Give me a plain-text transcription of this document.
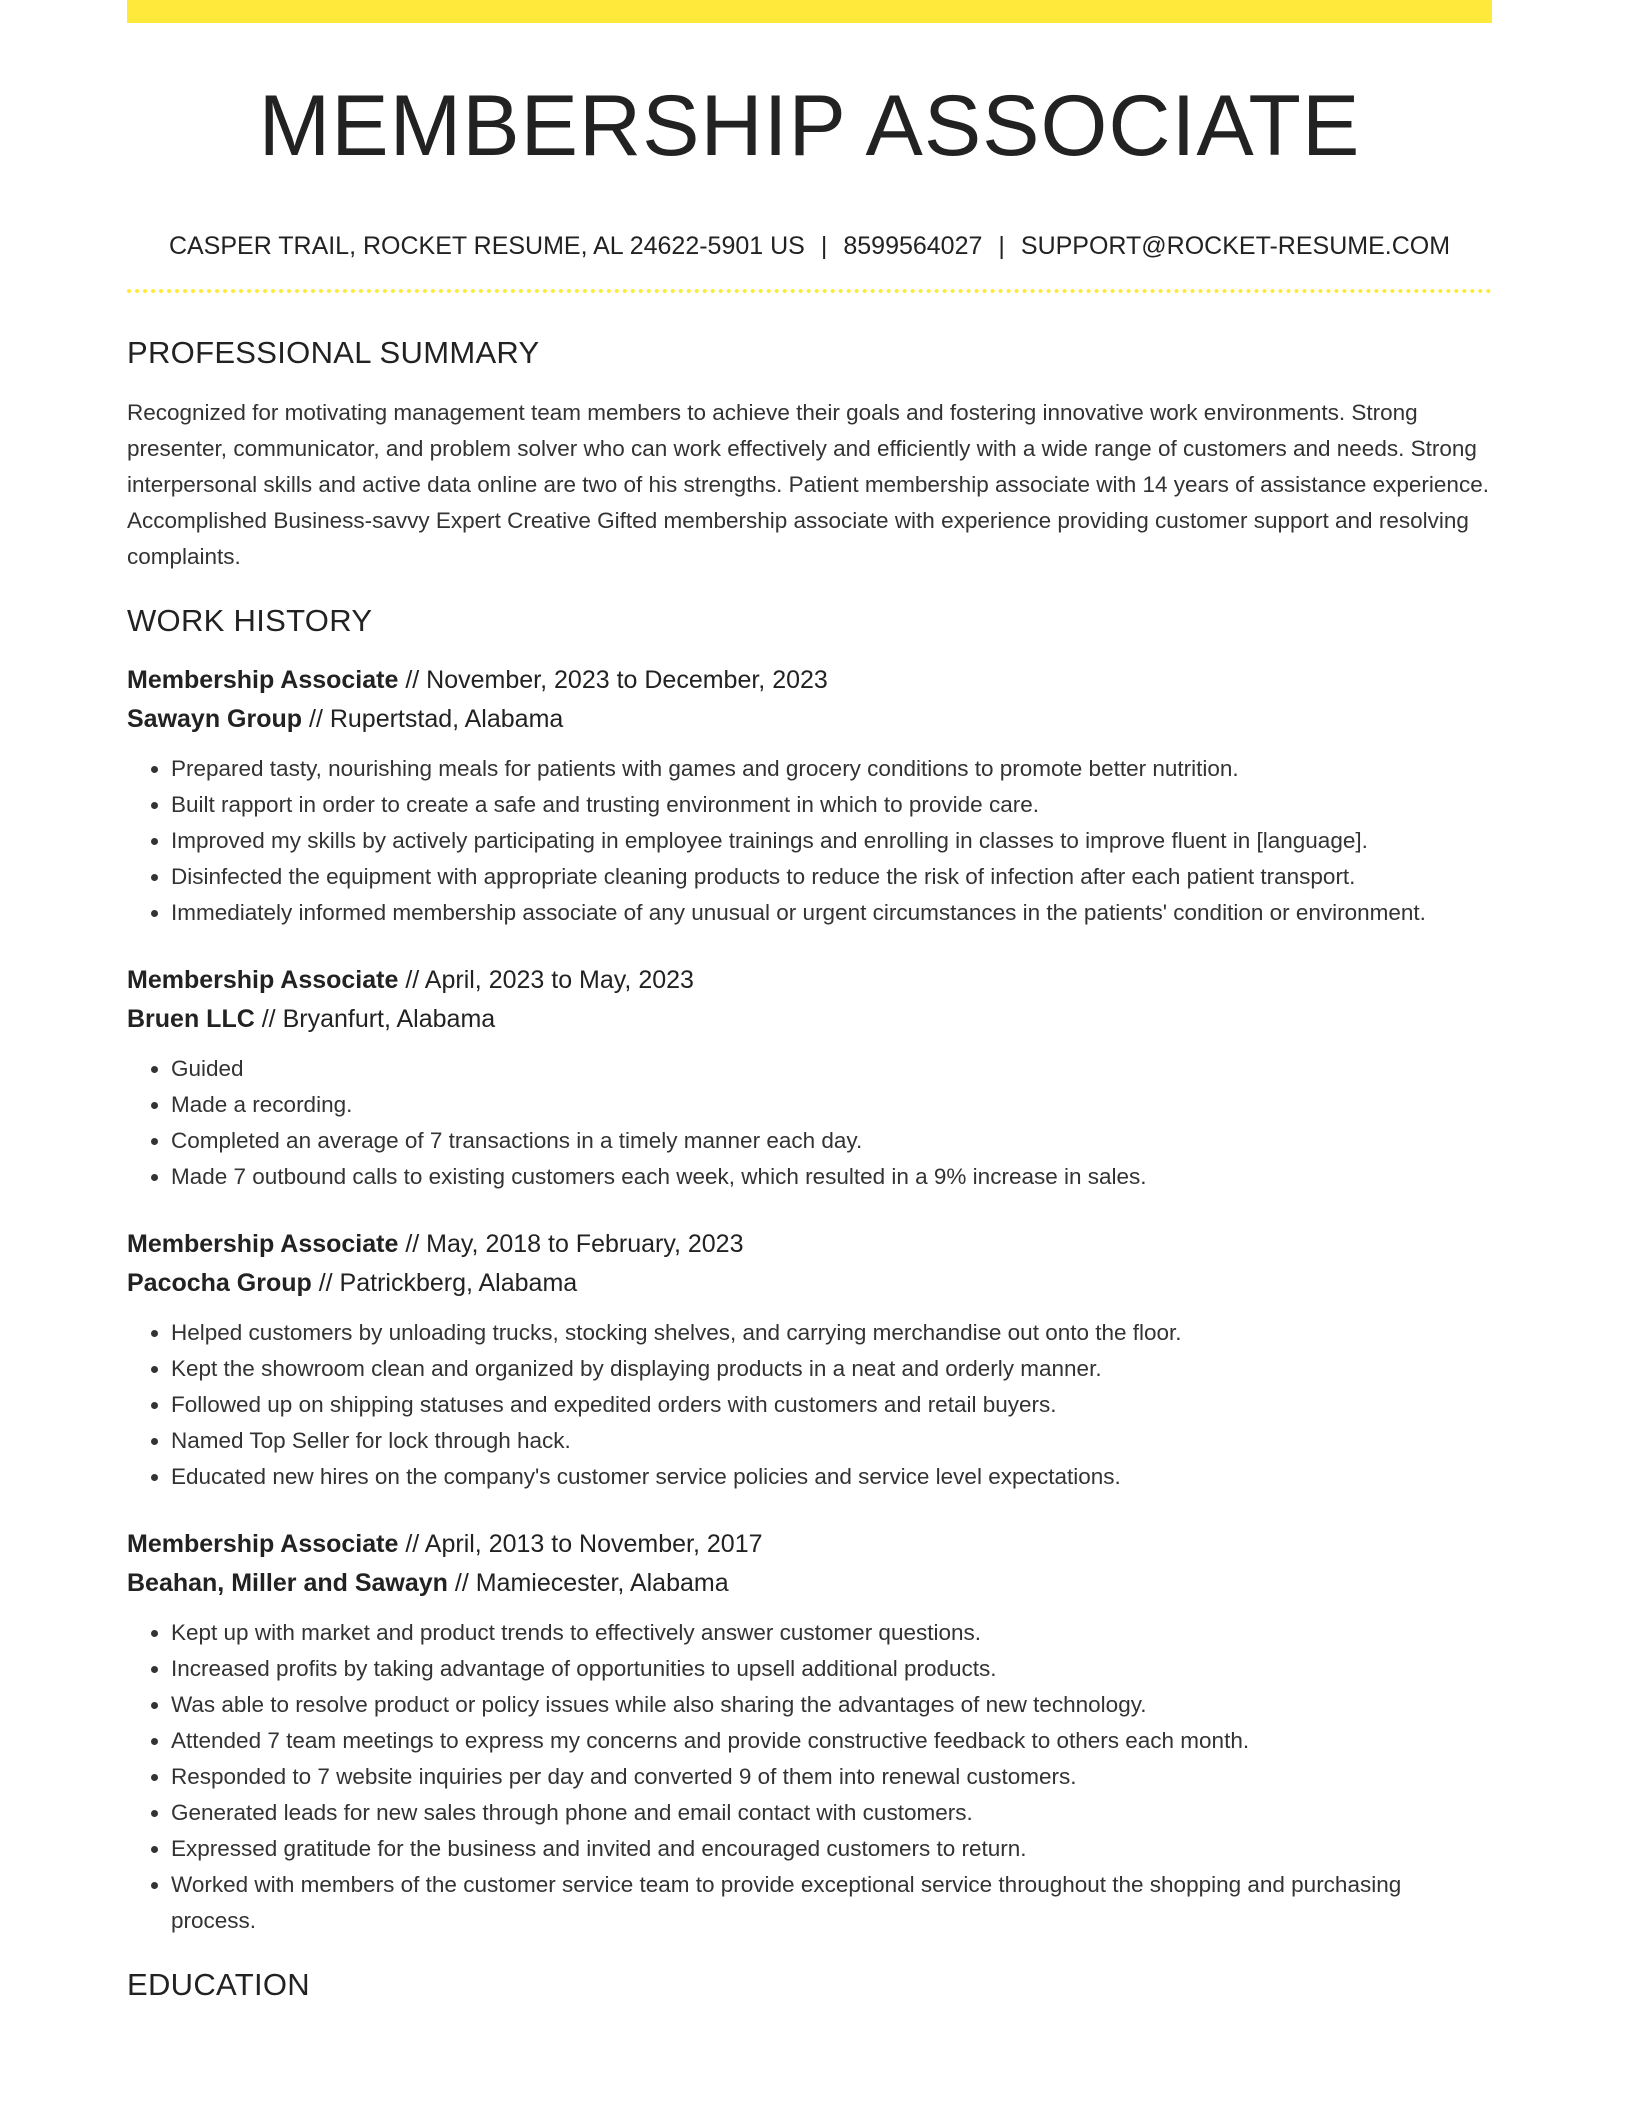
MEMBERSHIP ASSOCIATE
CASPER TRAIL, ROCKET RESUME, AL 24622-5901 US | 8599564027 | SUPPORT@ROCKET-RESUME.COM
PROFESSIONAL SUMMARY

Recognized for motivating management team members to achieve their goals and fostering innovative work environments. Strong presenter, communicator, and problem solver who can work effectively and efficiently with a wide range of customers and needs. Strong interpersonal skills and active data online are two of his strengths. Patient membership associate with 14 years of assistance experience. Accomplished Business-savvy Expert Creative Gifted membership associate with experience providing customer support and resolving complaints.

WORK HISTORY
Membership Associate // November, 2023 to December, 2023
Sawayn Group // Rupertstad, Alabama
• Prepared tasty, nourishing meals for patients with games and grocery conditions to promote better nutrition.
• Built rapport in order to create a safe and trusting environment in which to provide care.
• Improved my skills by actively participating in employee trainings and enrolling in classes to improve fluent in [language].
• Disinfected the equipment with appropriate cleaning products to reduce the risk of infection after each patient transport.
• Immediately informed membership associate of any unusual or urgent circumstances in the patients' condition or environment.
Membership Associate // April, 2023 to May, 2023
Bruen LLC // Bryanfurt, Alabama
• Guided
• Made a recording.
• Completed an average of 7 transactions in a timely manner each day.
• Made 7 outbound calls to existing customers each week, which resulted in a 9% increase in sales.
Membership Associate // May, 2018 to February, 2023
Pacocha Group // Patrickberg, Alabama
• Helped customers by unloading trucks, stocking shelves, and carrying merchandise out onto the floor.
• Kept the showroom clean and organized by displaying products in a neat and orderly manner.
• Followed up on shipping statuses and expedited orders with customers and retail buyers.
• Named Top Seller for lock through hack.
• Educated new hires on the company's customer service policies and service level expectations.
Membership Associate // April, 2013 to November, 2017
Beahan, Miller and Sawayn // Mamiecester, Alabama
• Kept up with market and product trends to effectively answer customer questions.
• Increased profits by taking advantage of opportunities to upsell additional products.
• Was able to resolve product or policy issues while also sharing the advantages of new technology.
• Attended 7 team meetings to express my concerns and provide constructive feedback to others each month.
• Responded to 7 website inquiries per day and converted 9 of them into renewal customers.
• Generated leads for new sales through phone and email contact with customers.
• Expressed gratitude for the business and invited and encouraged customers to return.
• Worked with members of the customer service team to provide exceptional service throughout the shopping and purchasing process.
EDUCATION
